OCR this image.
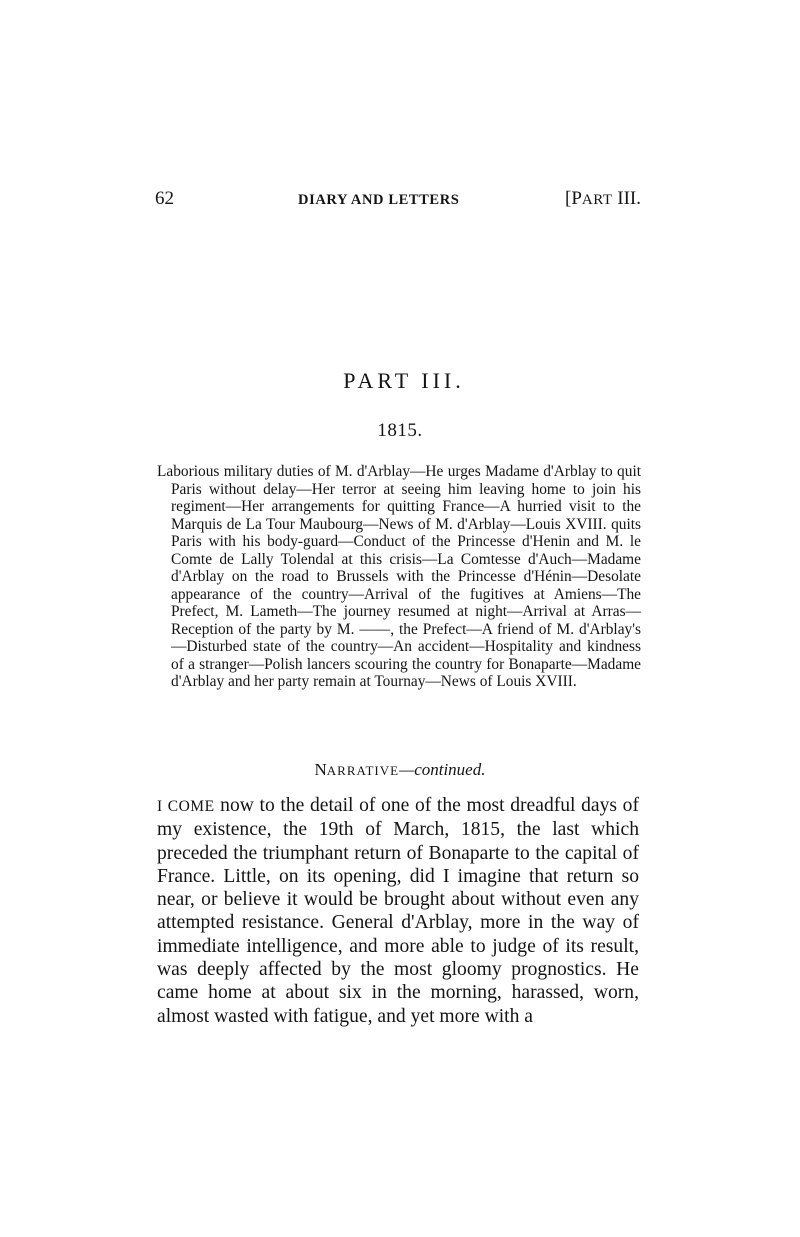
62	DIARY AND LETTERS	[PART III.
PART III.
1815.

Laborious military duties of M. d'Arblay—He urges Madame d'Arblay to quit Paris without delay—Her terror at seeing him leaving home to join his regiment—Her arrangements for quitting France—A hurried visit to the Marquis de La Tour Maubourg—News of M. d'Arblay—Louis XVIII. quits Paris with his body-guard—Conduct of the Princesse d'Henin and M. le Comte de Lally Tolendal at this crisis—La Comtesse d'Auch—Madame d'Arblay on the road to Brussels with the Princesse d'Hénin—Desolate appearance of the country—Arrival of the fugitives at Amiens—The Prefect, M. Lameth—The journey resumed at night—Arrival at Arras—Reception of the party by M. ——, the Prefect—A friend of M. d'Arblay's—Disturbed state of the country—An accident—Hospitality and kindness of a stranger—Polish lancers scouring the country for Bonaparte—Madame d'Arblay and her party remain at Tournay—News of Louis XVIII.

NARRATIVE—continued.

I COME now to the detail of one of the most dreadful days of my existence, the 19th of March, 1815, the last which preceded the triumphant return of Bonaparte to the capital of France. Little, on its opening, did I imagine that return so near, or believe it would be brought about without even any attempted resistance. General d'Arblay, more in the way of immediate intelligence, and more able to judge of its result, was deeply affected by the most gloomy prognostics. He came home at about six in the morning, harassed, worn, almost wasted with fatigue, and yet more with a
